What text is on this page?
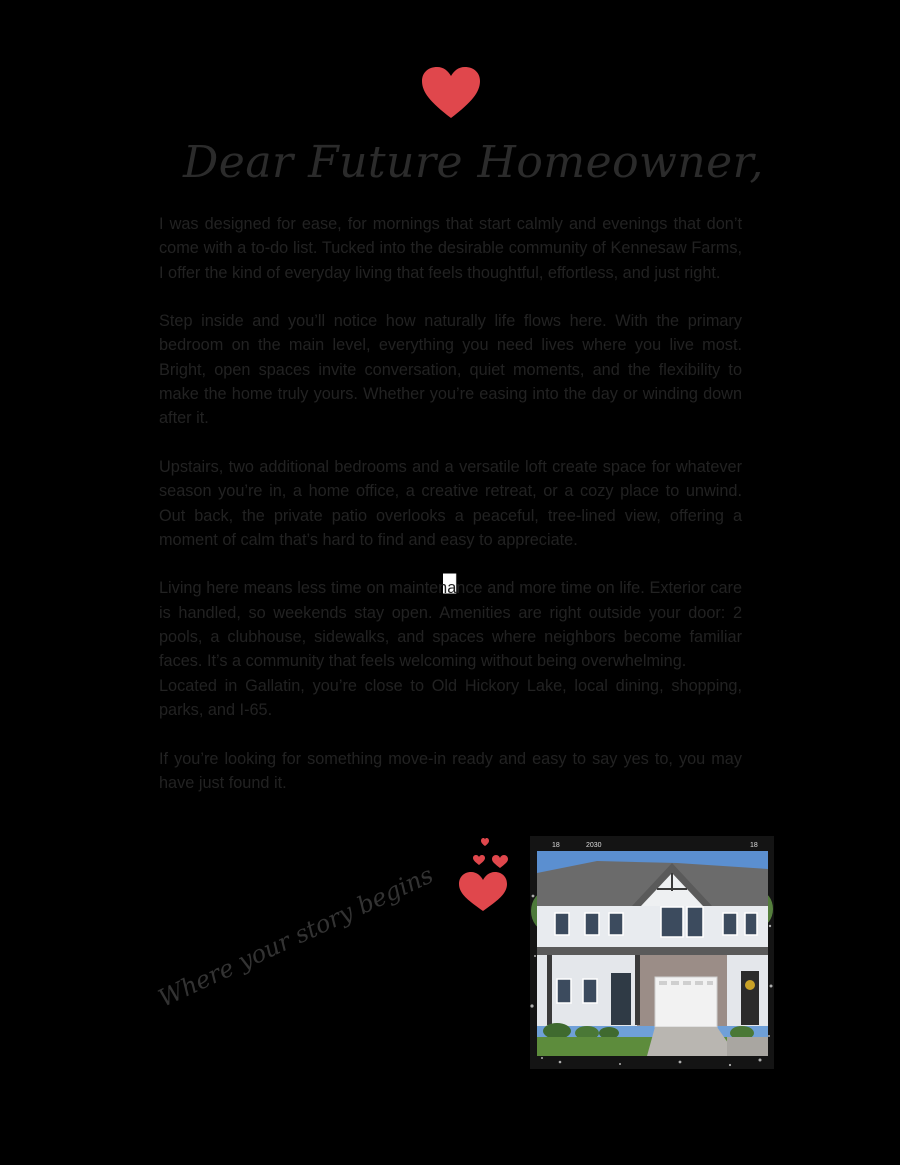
Dear Future Homeowner,

I was designed for ease, for mornings that start calmly and evenings that don’t come with a to-do list. Tucked into the desirable community of Kennesaw Farms, I offer the kind of everyday living that feels thoughtful, effortless, and just right.

Step inside and you’ll notice how naturally life flows here. With the primary bedroom on the main level, everything you need lives where you live most. Bright, open spaces invite conversation, quiet moments, and the flexibility to make the home truly yours. Whether you’re easing into the day or winding down after it.

Upstairs, two additional bedrooms and a versatile loft create space for whatever season you’re in, a home office, a creative retreat, or a cozy place to unwind. Out back, the private patio overlooks a peaceful, tree-lined view, offering a moment of calm that’s hard to find and easy to appreciate.

Living here means less time on maintenance and more time on life. Exterior care is handled, so weekends stay open. Amenities are right outside your door: 2 pools, a clubhouse, sidewalks, and spaces where neighbors become familiar faces. It’s a community that feels welcoming without being overwhelming.

Located in Gallatin, you’re close to Old Hickory Lake, local dining, shopping, parks, and I-65.

If you’re looking for something move-in ready and easy to say yes to, you may have just found it.

Where your story begins
18	2030	18
